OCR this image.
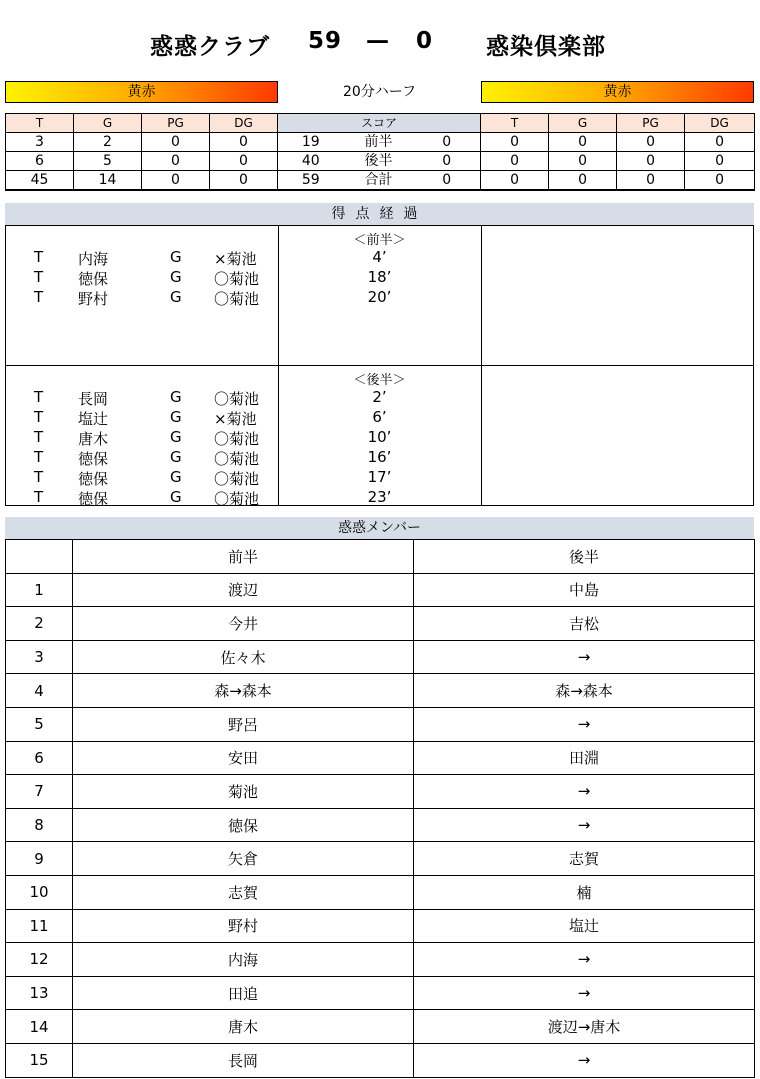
惑惑クラブ 59 — 0 惑染倶楽部
黄赤	20分ハーフ	黄赤
T	G	PG	DG	スコア			T	G	PG	DG
3	2	0	0	19	前半	0	0	0	0	0
6	5	0	0	40	後半	0	0	0	0	0
45	14	0	0	59	合計	0	0	0	0	0
得点経過
＜前半＞
T 内海	G ×菊池	4’
T 徳保	G 〇菊池	18’
T 野村	G 〇菊池	20’
＜後半＞
T 長岡	G 〇菊池	2’
T 塩辻	G ×菊池	6’
T 唐木	G 〇菊池	10’
T 徳保	G 〇菊池	16’
T 徳保	G 〇菊池	17’
T 徳保	G 〇菊池	23’
惑惑メンバー
	前半	後半
1	渡辺	中島
2	今井	吉松
3	佐々木	→
4	森→森本	森→森本
5	野呂	→
6	安田	田淵
7	菊池	→
8	徳保	→
9	矢倉	志賀
10	志賀	楠
11	野村	塩辻
12	内海	→
13	田追	→
14	唐木	渡辺→唐木
15	長岡	→
